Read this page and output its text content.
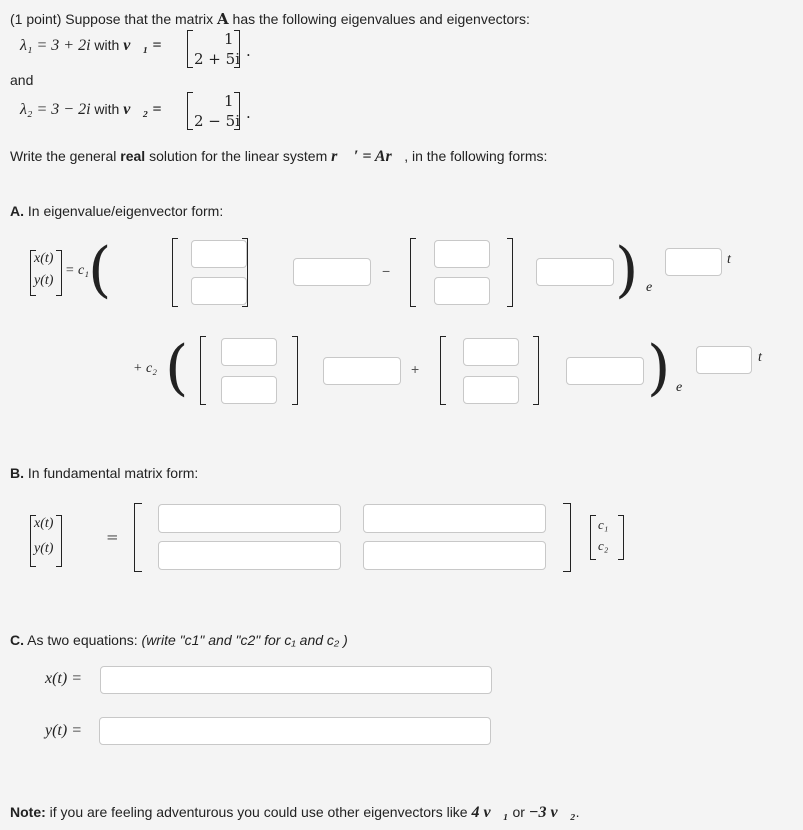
(1 point) Suppose that the matrix A has the following eigenvalues and eigenvectors:
λ₁ = 3 + 2i with v⃗₁ =	1
2 + 5i .
and
λ₂ = 3 − 2i with v⃗₂ =	1
2 − 5i .
Write the general real solution for the linear system r⃗ ′ = Ar⃗, in the following forms:
A. In eigenvalue/eigenvector form:
x(t)
y(t)
= c₁
(	−	) e
t
+ c₂ (	+	) e
t
B. In fundamental matrix form:
x(t)
y(t)
=
c₁
c₂
C. As two equations: (write "c1" and "c2" for c₁ and c₂ )
x(t) =
y(t) =
Note: if you are feeling adventurous you could use other eigenvectors like 4 v⃗₁ or −3 v⃗₂.
